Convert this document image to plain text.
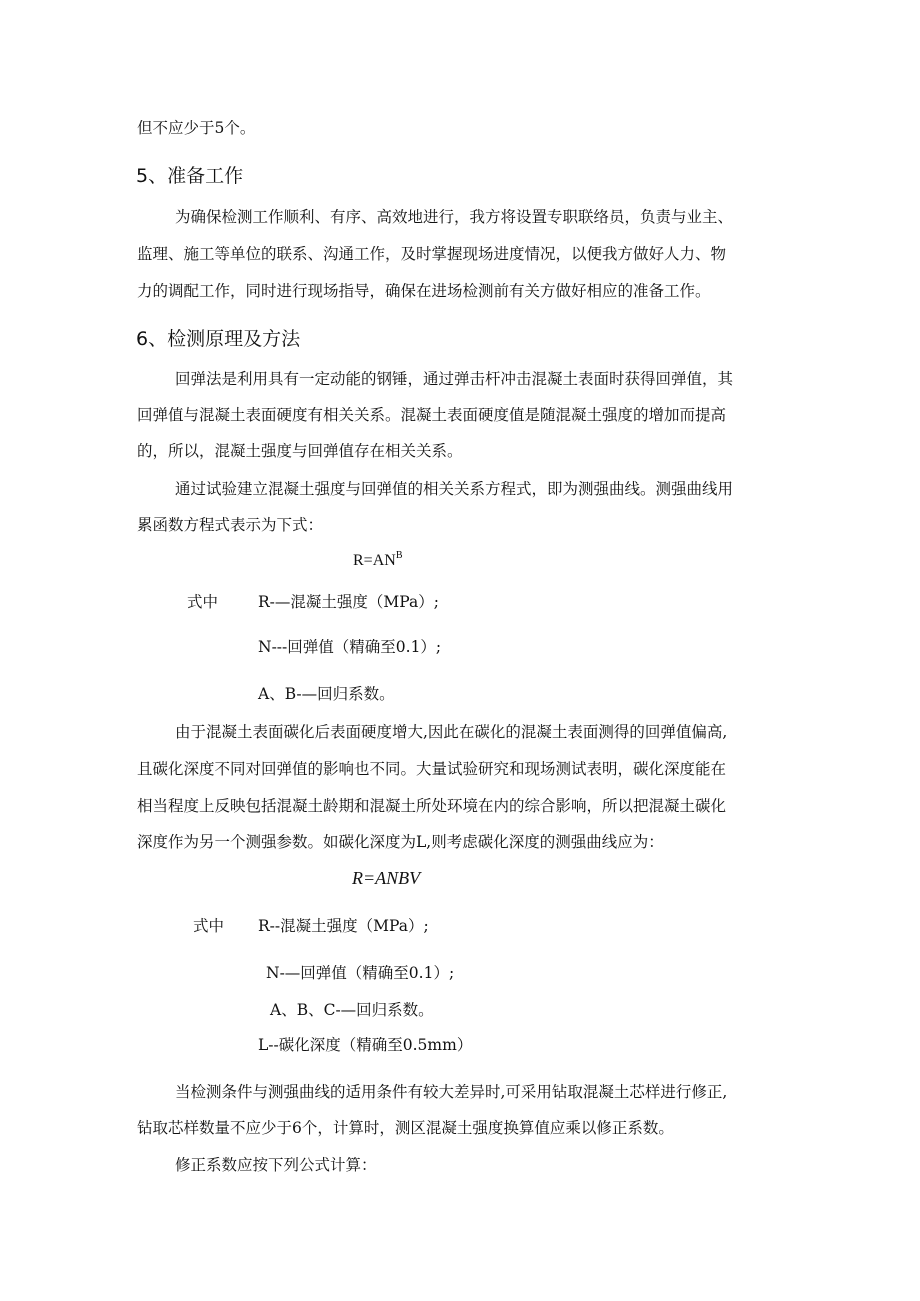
但不应少于5个。
5、准备工作
为确保检测工作顺利、有序、高效地进行，我方将设置专职联络员，负责与业主、
监理、施工等单位的联系、沟通工作，及时掌握现场进度情况，以便我方做好人力、物
力的调配工作，同时进行现场指导，确保在进场检测前有关方做好相应的准备工作。
6、检测原理及方法
回弹法是利用具有一定动能的钢锤，通过弹击杆冲击混凝土表面时获得回弹值，其
回弹值与混凝土表面硬度有相关关系。混凝土表面硬度值是随混凝土强度的增加而提高
的，所以，混凝土强度与回弹值存在相关关系。
通过试验建立混凝土强度与回弹值的相关关系方程式，即为测强曲线。测强曲线用
累函数方程式表示为下式：
$R=AN^B$
式中	R-—混凝土强度（MPa）;
N---回弹值（精确至0.1）;
A、B-—回归系数。
由于混凝土表面碳化后表面硬度增大,因此在碳化的混凝土表面测得的回弹值偏高,
且碳化深度不同对回弹值的影响也不同。大量试验研究和现场测试表明，碳化深度能在
相当程度上反映包括混凝土龄期和混凝土所处环境在内的综合影响，所以把混凝土碳化
深度作为另一个测强参数。如碳化深度为L,则考虑碳化深度的测强曲线应为：
R=ANBV
式中 R--混凝土强度（MPa）;
N-—回弹值（精确至0.1）;
A、B、C-—回归系数。
L--碳化深度（精确至0.5mm）
当检测条件与测强曲线的适用条件有较大差异时,可采用钻取混凝土芯样进行修正,
钻取芯样数量不应少于6个，计算时，测区混凝土强度换算值应乘以修正系数。
修正系数应按下列公式计算：
